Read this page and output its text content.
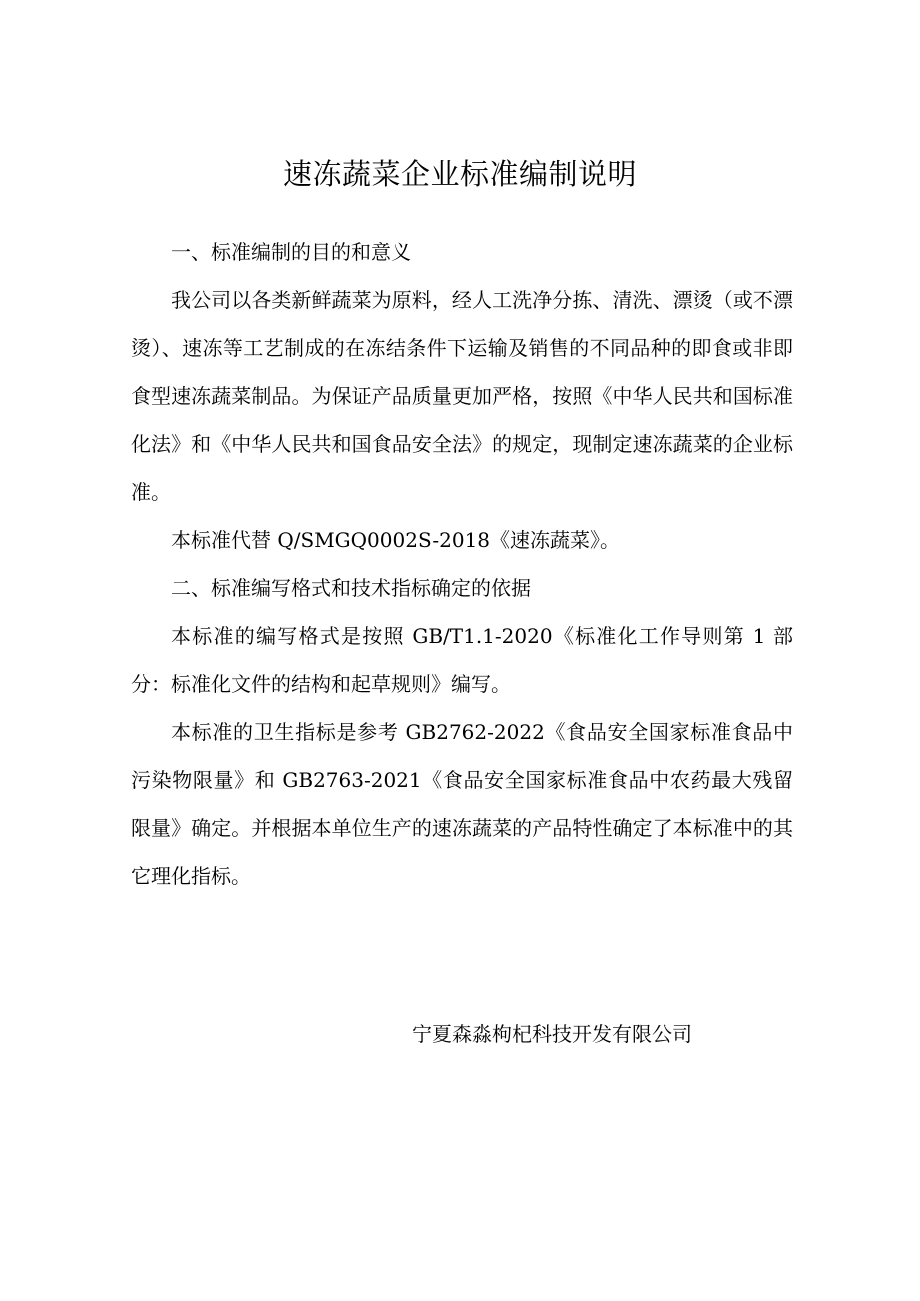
速冻蔬菜企业标准编制说明

一、标准编制的目的和意义

我公司以各类新鲜蔬菜为原料，经人工洗净分拣、清洗、漂烫（或不漂烫）、速冻等工艺制成的在冻结条件下运输及销售的不同品种的即食或非即食型速冻蔬菜制品。为保证产品质量更加严格，按照《中华人民共和国标准化法》和《中华人民共和国食品安全法》的规定，现制定速冻蔬菜的企业标准。

本标准代替 Q/SMGQ0002S-2018《速冻蔬菜》。

二、标准编写格式和技术指标确定的依据

本标准的编写格式是按照 GB/T1.1-2020《标准化工作导则第 1 部分：标准化文件的结构和起草规则》编写。

本标准的卫生指标是参考 GB2762-2022《食品安全国家标准食品中污染物限量》和 GB2763-2021《食品安全国家标准食品中农药最大残留限量》确定。并根据本单位生产的速冻蔬菜的产品特性确定了本标准中的其它理化指标。

宁夏森淼枸杞科技开发有限公司
